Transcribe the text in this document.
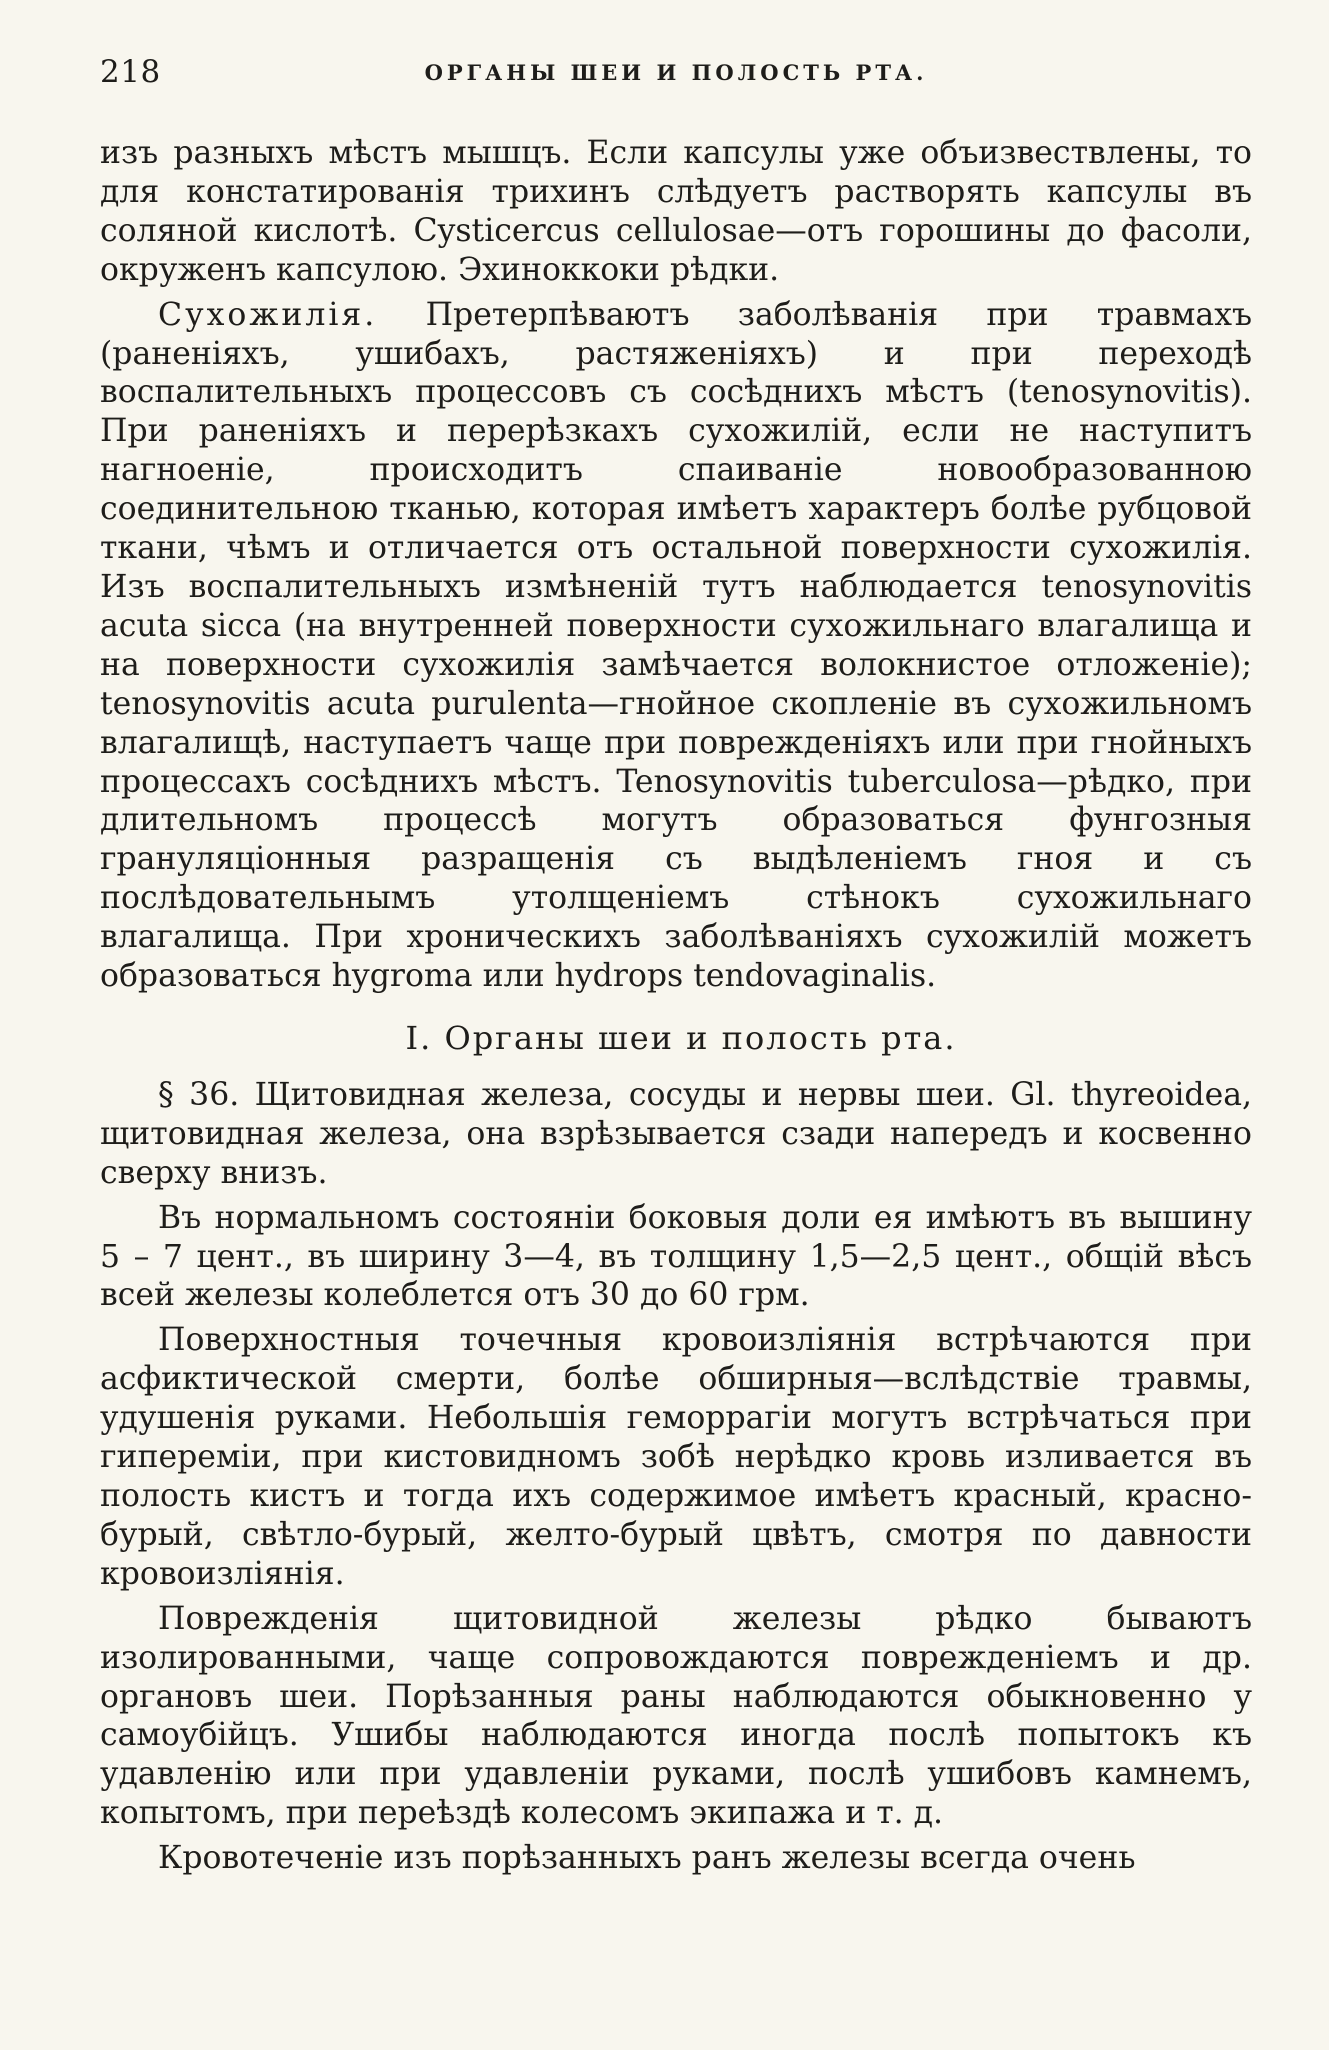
218	ОРГАНЫ ШЕИ И ПОЛОСТЬ РТА.

изъ разныхъ мѣстъ мышцъ. Если капсулы уже объизвествлены, то для констатированія трихинъ слѣдуетъ растворять капсулы въ соляной кислотѣ. Cysticercus cellulosae—отъ горошины до фасоли, окруженъ капсулою. Эхиноккоки рѣдки.

Сухожилія. Претерпѣваютъ заболѣванія при травмахъ (раненіяхъ, ушибахъ, растяженіяхъ) и при переходѣ воспалительныхъ процессовъ съ сосѣднихъ мѣстъ (tenosynovitis). При раненіяхъ и перерѣзкахъ сухожилій, если не наступитъ нагноеніе, происходитъ спаиваніе новообразованною соединительною тканью, которая имѣетъ характеръ болѣе рубцовой ткани, чѣмъ и отличается отъ остальной поверхности сухожилія. Изъ воспалительныхъ измѣненій тутъ наблюдается tenosynovitis acuta sicca (на внутренней поверхности сухожильнаго влагалища и на поверхности сухожилія замѣчается волокнистое отложеніе); tenosynovitis acuta purulenta—гнойное скопленіе въ сухожильномъ влагалищѣ, наступаетъ чаще при поврежденіяхъ или при гнойныхъ процессахъ сосѣднихъ мѣстъ. Tenosynovitis tuberculosa—рѣдко, при длительномъ процессѣ могутъ образоваться фунгозныя грануляціонныя разращенія съ выдѣленіемъ гноя и съ послѣдовательнымъ утолщеніемъ стѣнокъ сухожильнаго влагалища. При хроническихъ заболѣваніяхъ сухожилій можетъ образоваться hygroma или hydrops tendovaginalis.

I. Органы шеи и полость рта.

§ 36. Щитовидная железа, сосуды и нервы шеи. Gl. thyreoidea, щитовидная железа, она взрѣзывается сзади напередъ и косвенно сверху внизъ.

Въ нормальномъ состояніи боковыя доли ея имѣютъ въ вышину 5 – 7 цент., въ ширину 3—4, въ толщину 1,5—2,5 цент., общій вѣсъ всей железы колеблется отъ 30 до 60 грм.

Поверхностныя точечныя кровоизліянія встрѣчаются при асфиктической смерти, болѣе обширныя—вслѣдствіе травмы, удушенія руками. Небольшія геморрагіи могутъ встрѣчаться при гипереміи, при кистовидномъ зобѣ нерѣдко кровь изливается въ полость кистъ и тогда ихъ содержимое имѣетъ красный, красно-бурый, свѣтло-бурый, желто-бурый цвѣтъ, смотря по давности кровоизліянія.

Поврежденія щитовидной железы рѣдко бываютъ изолированными, чаще сопровождаются поврежденіемъ и др. органовъ шеи. Порѣзанныя раны наблюдаются обыкновенно у самоубійцъ. Ушибы наблюдаются иногда послѣ попытокъ къ удавленію или при удавленіи руками, послѣ ушибовъ камнемъ, копытомъ, при переѣздѣ колесомъ экипажа и т. д.

Кровотеченіе изъ порѣзанныхъ ранъ железы всегда очень
